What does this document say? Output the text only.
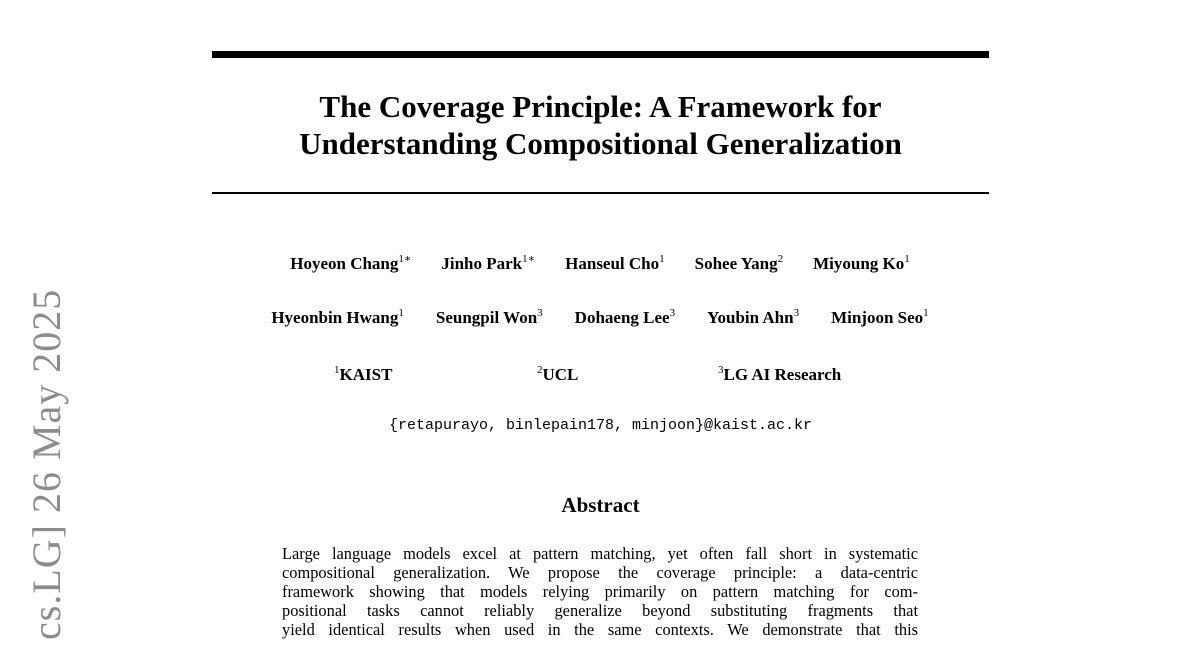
cs.LG] 26 May 2025
The Coverage Principle: A Framework for
Understanding Compositional Generalization
Hoyeon Chang$^{1∗}$ Jinho Park$^{1∗}$ Hanseul Cho$^1$ Sohee Yang$^2$ Miyoung Ko$^1$
Hyeonbin Hwang$^1$ Seungpil Won$^3$ Dohaeng Lee$^3$ Youbin Ahn$^3$ Minjoon Seo$^1$
$^1$KAIST	$^2$UCL	$^3$LG AI Research
{retapurayo, binlepain178, minjoon}@kaist.ac.kr
Abstract
Large language models excel at pattern matching, yet often fall short in systematic
compositional generalization. We propose the coverage principle: a data-centric
framework showing that models relying primarily on pattern matching for com-
positional tasks cannot reliably generalize beyond substituting fragments that
yield identical results when used in the same contexts. We demonstrate that this
